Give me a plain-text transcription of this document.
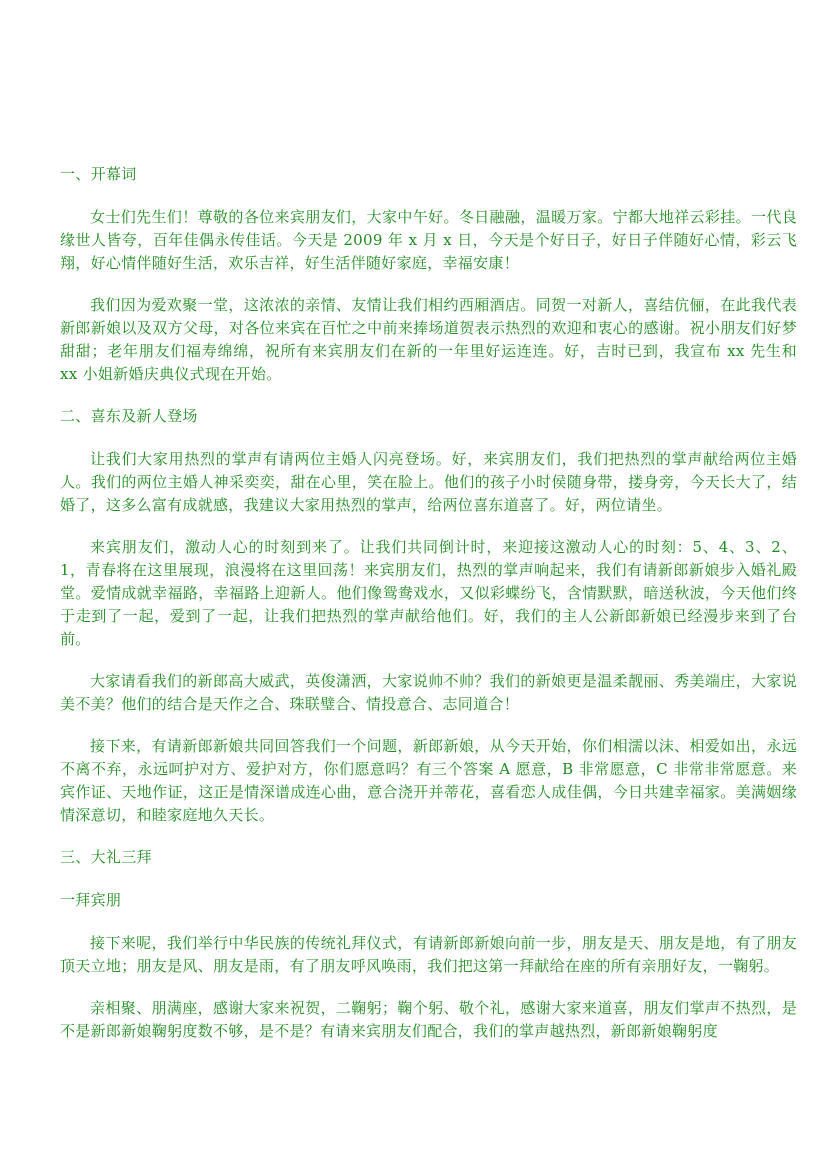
一、开幕词

女士们先生们！尊敬的各位来宾朋友们，大家中午好。冬日融融，温暖万家。宁都大地祥云彩挂。一代良缘世人皆夸，百年佳偶永传佳话。今天是 2009 年 x 月 x 日，今天是个好日子，好日子伴随好心情，彩云飞翔，好心情伴随好生活，欢乐吉祥，好生活伴随好家庭，幸福安康！

我们因为爱欢聚一堂，这浓浓的亲情、友情让我们相约西厢酒店。同贺一对新人，喜结伉俪，在此我代表新郎新娘以及双方父母，对各位来宾在百忙之中前来捧场道贺表示热烈的欢迎和衷心的感谢。祝小朋友们好梦甜甜；老年朋友们福寿绵绵，祝所有来宾朋友们在新的一年里好运连连。好，吉时已到，我宣布 xx 先生和 xx 小姐新婚庆典仪式现在开始。

二、喜东及新人登场

让我们大家用热烈的掌声有请两位主婚人闪亮登场。好，来宾朋友们，我们把热烈的掌声献给两位主婚人。我们的两位主婚人神采奕奕，甜在心里，笑在脸上。他们的孩子小时侯随身带，搂身旁，今天长大了，结婚了，这多么富有成就感，我建议大家用热烈的掌声，给两位喜东道喜了。好，两位请坐。

来宾朋友们，激动人心的时刻到来了。让我们共同倒计时，来迎接这激动人心的时刻：5、4、3、2、1，青春将在这里展现，浪漫将在这里回荡！来宾朋友们，热烈的掌声响起来，我们有请新郎新娘步入婚礼殿堂。爱情成就幸福路，幸福路上迎新人。他们像鸳鸯戏水，又似彩蝶纷飞，含情默默，暗送秋波，今天他们终于走到了一起，爱到了一起，让我们把热烈的掌声献给他们。好，我们的主人公新郎新娘已经漫步来到了台前。

大家请看我们的新郎高大威武，英俊潇洒，大家说帅不帅？我们的新娘更是温柔靓丽、秀美端庄，大家说美不美？他们的结合是天作之合、珠联璧合、情投意合、志同道合！

接下来，有请新郎新娘共同回答我们一个问题，新郎新娘，从今天开始，你们相濡以沫、相爱如出，永远不离不弃，永远呵护对方、爱护对方，你们愿意吗？有三个答案 A 愿意，B 非常愿意，C 非常非常愿意。来宾作证、天地作证，这正是情深谱成连心曲，意合浇开并蒂花，喜看恋人成佳偶，今日共建幸福家。美满姻缘情深意切，和睦家庭地久天长。

三、大礼三拜
一拜宾朋

接下来呢，我们举行中华民族的传统礼拜仪式，有请新郎新娘向前一步，朋友是天、朋友是地，有了朋友顶天立地；朋友是风、朋友是雨，有了朋友呼风唤雨，我们把这第一拜献给在座的所有亲朋好友，一鞠躬。

亲相聚、朋满座，感谢大家来祝贺，二鞠躬；鞠个躬、敬个礼，感谢大家来道喜，朋友们掌声不热烈，是不是新郎新娘鞠躬度数不够，是不是？有请来宾朋友们配合，我们的掌声越热烈，新郎新娘鞠躬度
